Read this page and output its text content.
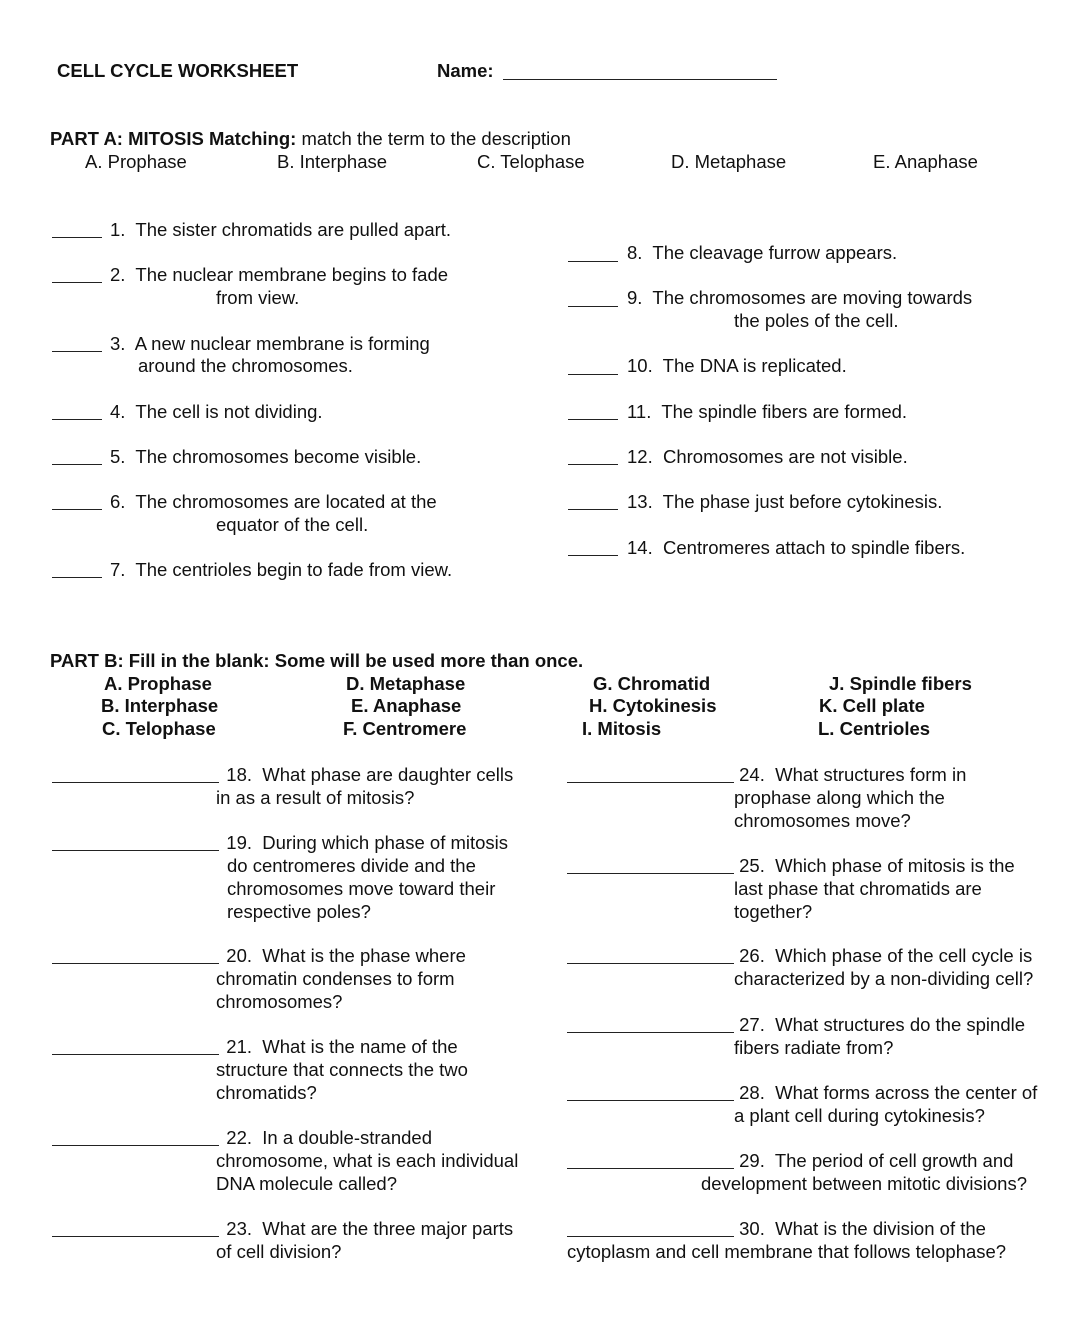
CELL CYCLE WORKSHEET	Name:
PART A: MITOSIS Matching: match the term to the description
A. Prophase	B. Interphase	C. Telophase	D. Metaphase	E. Anaphase
1. The sister chromatids are pulled apart.
2. The nuclear membrane begins to fade
from view.
3. A new nuclear membrane is forming
around the chromosomes.
4. The cell is not dividing.
5. The chromosomes become visible.
6. The chromosomes are located at the
equator of the cell.
7. The centrioles begin to fade from view.
8. The cleavage furrow appears.
9. The chromosomes are moving towards
the poles of the cell.
10. The DNA is replicated.
11. The spindle fibers are formed.
12. Chromosomes are not visible.
13. The phase just before cytokinesis.
14. Centromeres attach to spindle fibers.
PART B: Fill in the blank: Some will be used more than once.
A. Prophase	D. Metaphase	G. Chromatid	J. Spindle fibers
B. Interphase	E. Anaphase	H. Cytokinesis	K. Cell plate
C. Telophase	F. Centromere	I. Mitosis	L. Centrioles
18. What phase are daughter cells
in as a result of mitosis?
19. During which phase of mitosis
do centromeres divide and the
chromosomes move toward their
respective poles?
20. What is the phase where
chromatin condenses to form
chromosomes?
21. What is the name of the
structure that connects the two
chromatids?
22. In a double-stranded
chromosome, what is each individual
DNA molecule called?
23. What are the three major parts
of cell division?
24. What structures form in
prophase along which the
chromosomes move?
25. Which phase of mitosis is the
last phase that chromatids are
together?
26. Which phase of the cell cycle is
characterized by a non-dividing cell?
27. What structures do the spindle
fibers radiate from?
28. What forms across the center of
a plant cell during cytokinesis?
29. The period of cell growth and
development between mitotic divisions?
30. What is the division of the
cytoplasm and cell membrane that follows telophase?
